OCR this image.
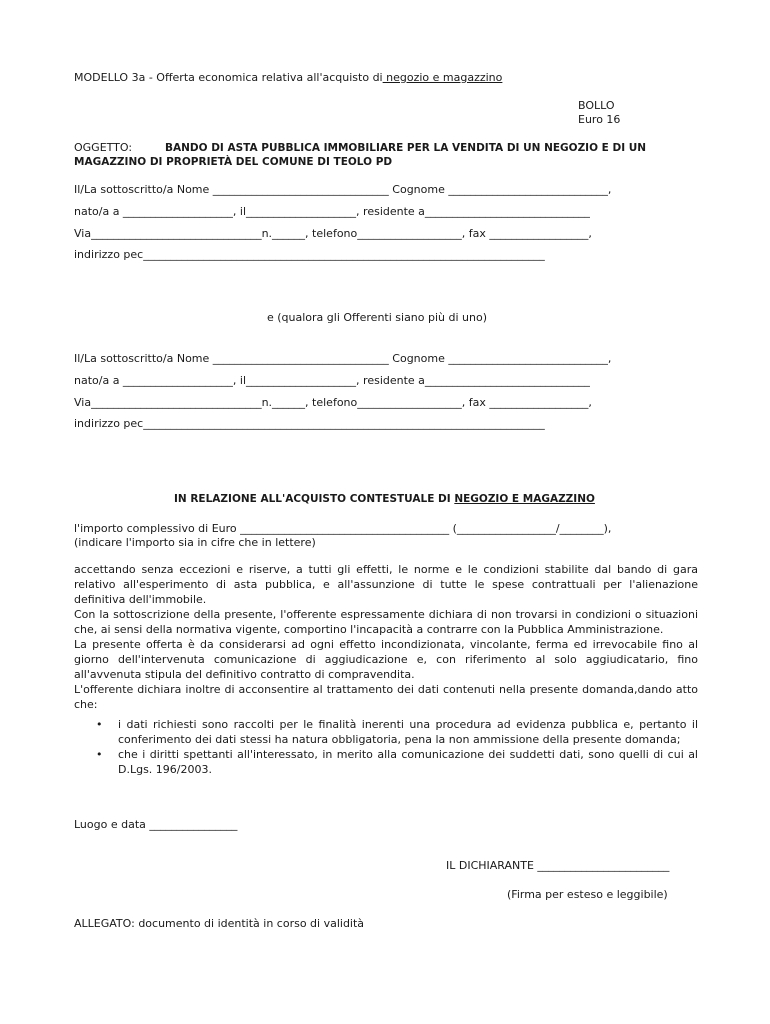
MODELLO 3a - Offerta economica relativa all'acquisto di negozio e magazzino
BOLLO
Euro 16
OGGETTO:	BANDO DI ASTA PUBBLICA IMMOBILIARE PER LA VENDITA DI UN NEGOZIO E DI UN
MAGAZZINO DI PROPRIETÀ DEL COMUNE DI TEOLO PD
Il/La sottoscritto/a Nome ________________________________ Cognome _____________________________,
nato/a a ____________________, il____________________, residente a______________________________
Via_______________________________n.______, telefono___________________, fax __________________,
indirizzo pec_________________________________________________________________________
e (qualora gli Offerenti siano più di uno)
Il/La sottoscritto/a Nome ________________________________ Cognome _____________________________,
nato/a a ____________________, il____________________, residente a______________________________
Via_______________________________n.______, telefono___________________, fax __________________,
indirizzo pec_________________________________________________________________________
IN RELAZIONE ALL'ACQUISTO CONTESTUALE DI NEGOZIO E MAGAZZINO
l'importo complessivo di Euro ______________________________________ (__________________/________),
(indicare l'importo sia in cifre che in lettere)

accettando senza eccezioni e riserve, a tutti gli effetti, le norme e le condizioni stabilite dal bando di gara relativo all'esperimento di asta pubblica, e all'assunzione di tutte le spese contrattuali per l'alienazione definitiva dell'immobile.

Con la sottoscrizione della presente, l'offerente espressamente dichiara di non trovarsi in condizioni o situazioni che, ai sensi della normativa vigente, comportino l'incapacità a contrarre con la Pubblica Amministrazione.

La presente offerta è da considerarsi ad ogni effetto incondizionata, vincolante, ferma ed irrevocabile fino al giorno dell'intervenuta comunicazione di aggiudicazione e, con riferimento al solo aggiudicatario, fino all'avvenuta stipula del definitivo contratto di compravendita.

L'offerente dichiara inoltre di acconsentire al trattamento dei dati contenuti nella presente domanda,dando atto che:

• i dati richiesti sono raccolti per le finalità inerenti una procedura ad evidenza pubblica e, pertanto il conferimento dei dati stessi ha natura obbligatoria, pena la non ammissione della presente domanda;
• che i diritti spettanti all'interessato, in merito alla comunicazione dei suddetti dati, sono quelli di cui al D.Lgs. 196/2003.
Luogo e data ________________
IL DICHIARANTE ________________________
(Firma per esteso e leggibile)
ALLEGATO: documento di identità in corso di validità
